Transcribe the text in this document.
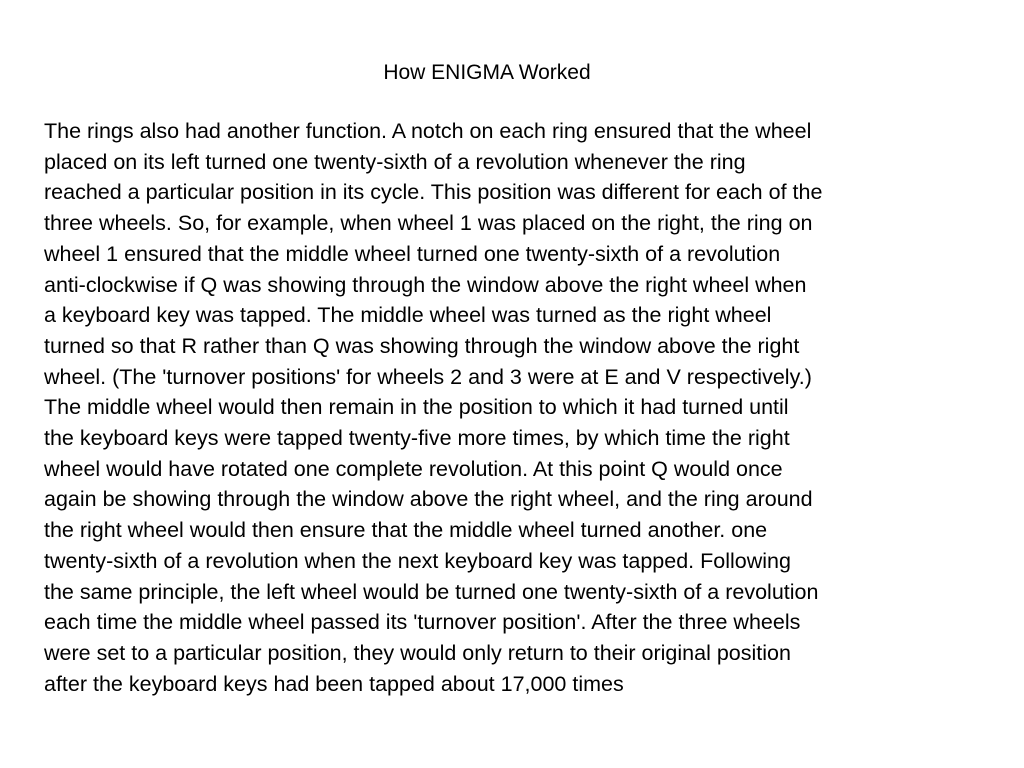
How ENIGMA Worked

The rings also had another function. A notch on each ring ensured that the wheel
placed on its left turned one twenty-sixth of a revolution whenever the ring
reached a particular position in its cycle. This position was different for each of the
three wheels. So, for example, when wheel 1 was placed on the right, the ring on
wheel 1 ensured that the middle wheel turned one twenty-sixth of a revolution
anti-clockwise if Q was showing through the window above the right wheel when
a keyboard key was tapped. The middle wheel was turned as the right wheel
turned so that R rather than Q was showing through the window above the right
wheel. (The 'turnover positions' for wheels 2 and 3 were at E and V respectively.)
The middle wheel would then remain in the position to which it had turned until
the keyboard keys were tapped twenty-five more times, by which time the right
wheel would have rotated one complete revolution. At this point Q would once
again be showing through the window above the right wheel, and the ring around
the right wheel would then ensure that the middle wheel turned another. one
twenty-sixth of a revolution when the next keyboard key was tapped. Following
the same principle, the left wheel would be turned one twenty-sixth of a revolution
each time the middle wheel passed its 'turnover position'. After the three wheels
were set to a particular position, they would only return to their original position
after the keyboard keys had been tapped about 17,000 times
